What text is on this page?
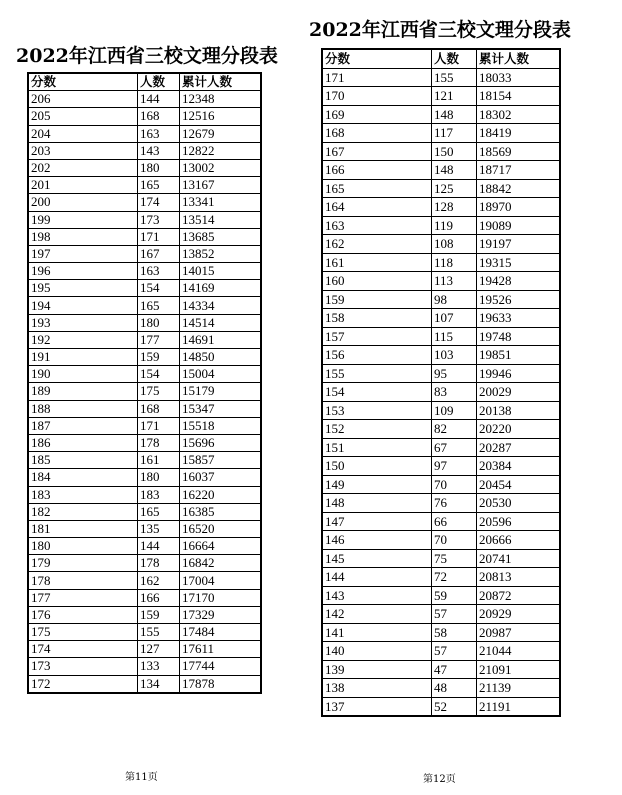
2022年江西省三校文理分段表
分数	人数	累计人数
206	144	12348
205	168	12516
204	163	12679
203	143	12822
202	180	13002
201	165	13167
200	174	13341
199	173	13514
198	171	13685
197	167	13852
196	163	14015
195	154	14169
194	165	14334
193	180	14514
192	177	14691
191	159	14850
190	154	15004
189	175	15179
188	168	15347
187	171	15518
186	178	15696
185	161	15857
184	180	16037
183	183	16220
182	165	16385
181	135	16520
180	144	16664
179	178	16842
178	162	17004
177	166	17170
176	159	17329
175	155	17484
174	127	17611
173	133	17744
172	134	17878
第11页
2022年江西省三校文理分段表
分数	人数	累计人数
171	155	18033
170	121	18154
169	148	18302
168	117	18419
167	150	18569
166	148	18717
165	125	18842
164	128	18970
163	119	19089
162	108	19197
161	118	19315
160	113	19428
159	98	19526
158	107	19633
157	115	19748
156	103	19851
155	95	19946
154	83	20029
153	109	20138
152	82	20220
151	67	20287
150	97	20384
149	70	20454
148	76	20530
147	66	20596
146	70	20666
145	75	20741
144	72	20813
143	59	20872
142	57	20929
141	58	20987
140	57	21044
139	47	21091
138	48	21139
137	52	21191
第12页
